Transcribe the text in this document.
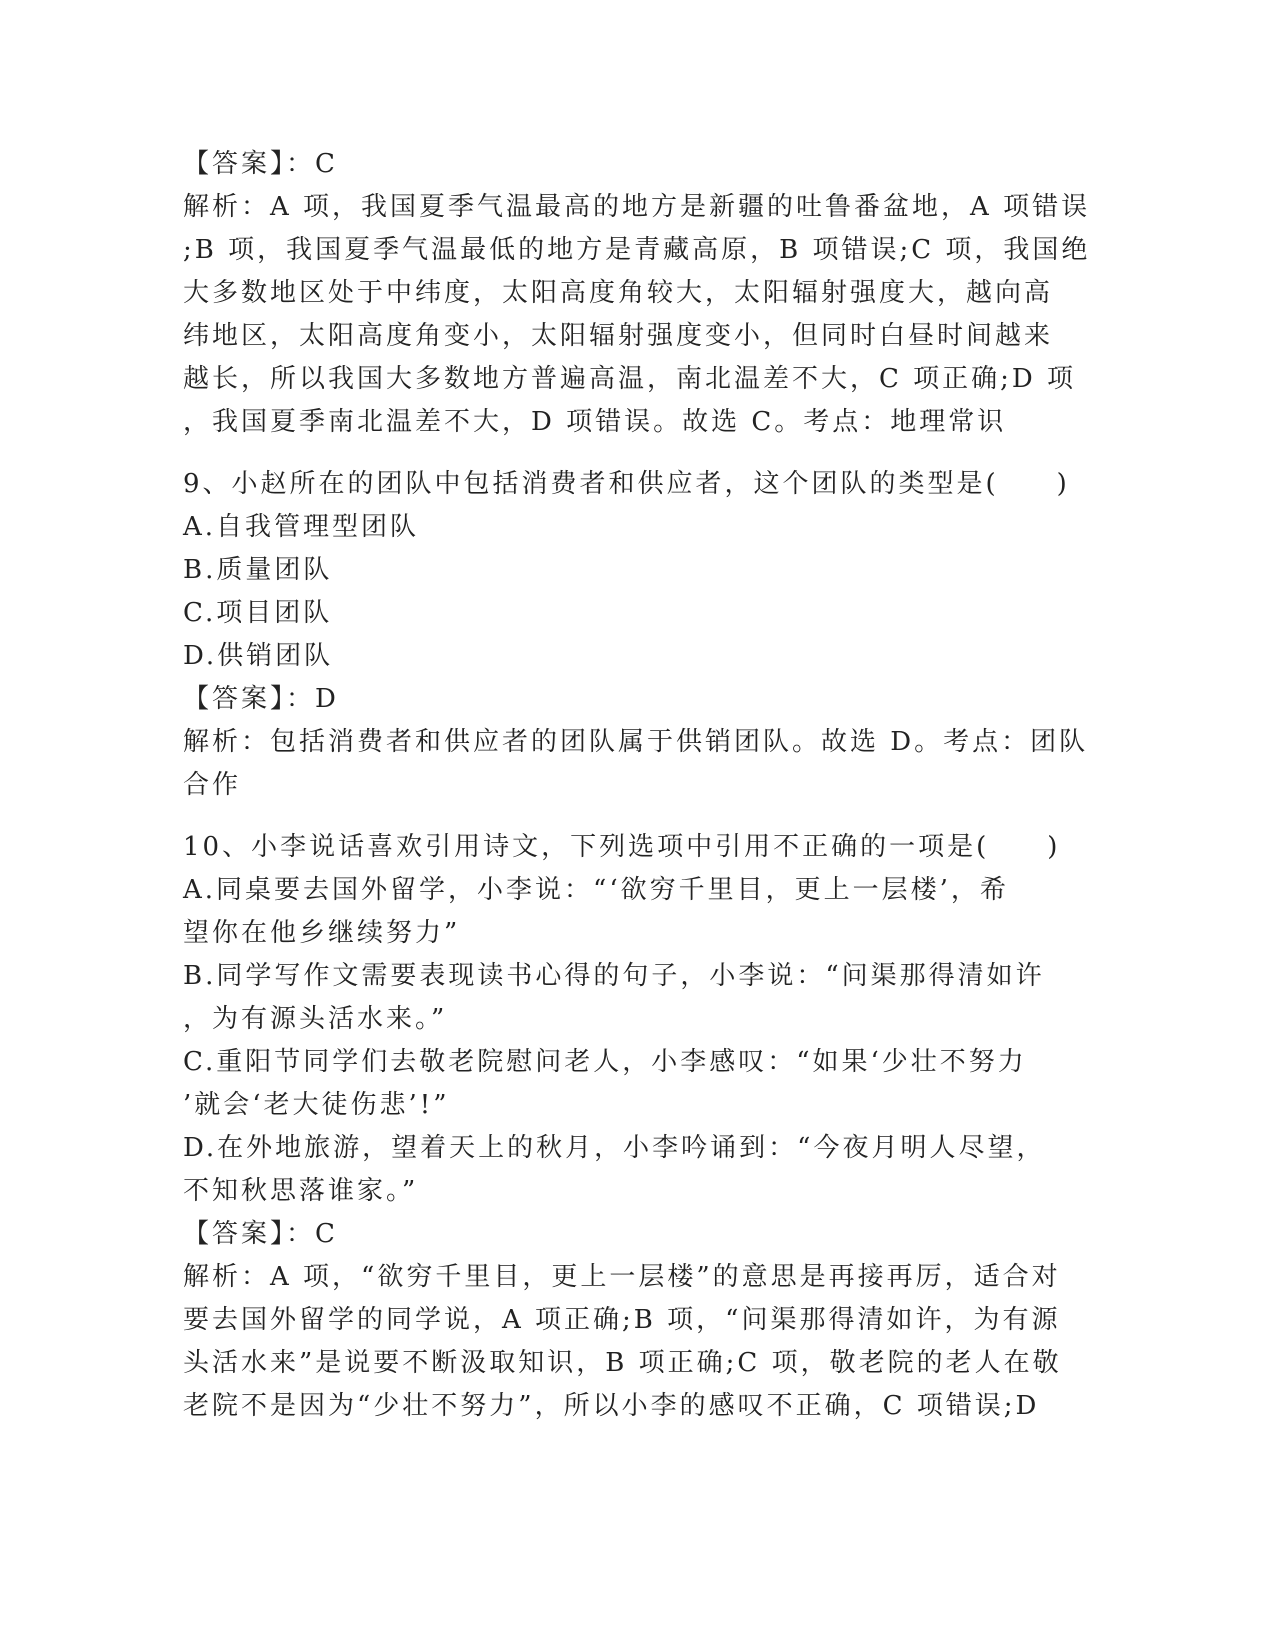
【答案】：C
解析：A 项，我国夏季气温最高的地方是新疆的吐鲁番盆地，A 项错误
;B 项，我国夏季气温最低的地方是青藏高原，B 项错误;C 项，我国绝
大多数地区处于中纬度，太阳高度角较大，太阳辐射强度大，越向高
纬地区，太阳高度角变小，太阳辐射强度变小，但同时白昼时间越来
越长，所以我国大多数地方普遍高温，南北温差不大，C 项正确;D 项
，我国夏季南北温差不大，D 项错误。故选 C。考点：地理常识
9、小赵所在的团队中包括消费者和供应者，这个团队的类型是(　　)
A.自我管理型团队
B.质量团队
C.项目团队
D.供销团队
【答案】：D
解析：包括消费者和供应者的团队属于供销团队。故选 D。考点：团队
合作
10、小李说话喜欢引用诗文，下列选项中引用不正确的一项是(　　)
A.同桌要去国外留学，小李说：“‘欲穷千里目，更上一层楼’，希
望你在他乡继续努力”
B.同学写作文需要表现读书心得的句子，小李说：“问渠那得清如许
，为有源头活水来。”
C.重阳节同学们去敬老院慰问老人，小李感叹：“如果‘少壮不努力
’就会‘老大徒伤悲’!”
D.在外地旅游，望着天上的秋月，小李吟诵到：“今夜月明人尽望，
不知秋思落谁家。”
【答案】：C
解析：A 项，“欲穷千里目，更上一层楼”的意思是再接再厉，适合对
要去国外留学的同学说，A 项正确;B 项，“问渠那得清如许，为有源
头活水来”是说要不断汲取知识，B 项正确;C 项，敬老院的老人在敬
老院不是因为“少壮不努力”，所以小李的感叹不正确，C 项错误;D
